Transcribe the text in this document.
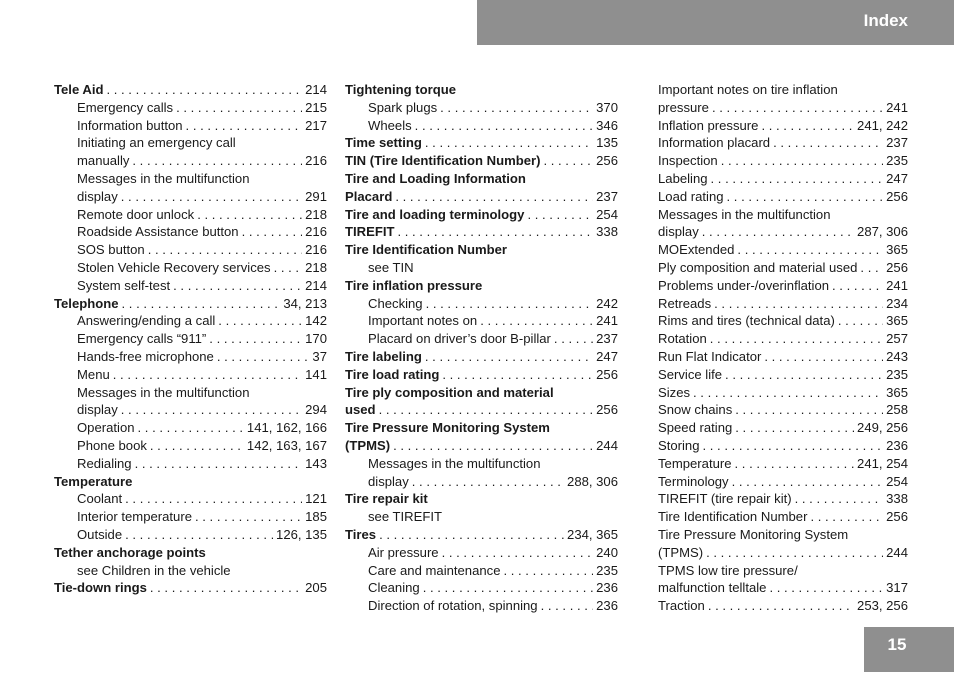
Index
Tele Aid . . .	214
Emergency calls . . .	215
Information button . . .	217
Initiating an emergency call
manually . . .	216
Messages in the multifunction
display . . .	291
Remote door unlock . . .	218
Roadside Assistance button . . .	216
SOS button . . .	216
Stolen Vehicle Recovery services . . .	218
System self-test . . .	214
Telephone . . .	34, 213
Answering/ending a call . . .	142
Emergency calls “911” . . .	170
Hands-free microphone . . .	37
Menu . . .	141
Messages in the multifunction
display . . .	294
Operation . . .	141, 162, 166
Phone book . . .	142, 163, 167
Redialing . . .	143
Temperature
Coolant . . .	121
Interior temperature . . .	185
Outside . . .	126, 135
Tether anchorage points
see Children in the vehicle
Tie-down rings . . .	205
Tightening torque
Spark plugs . . .	370
Wheels . . .	346
Time setting . . .	135
TIN (Tire Identification Number) . . .	256
Tire and Loading Information
Placard . . .	237
Tire and loading terminology . . .	254
TIREFIT . . .	338
Tire Identification Number
see TIN
Tire inflation pressure
Checking . . .	242
Important notes on . . .	241
Placard on driver’s door B-pillar . . .	237
Tire labeling . . .	247
Tire load rating . . .	256
Tire ply composition and material
used . . .	256
Tire Pressure Monitoring System
(TPMS) . . .	244
Messages in the multifunction
display . . .	288, 306
Tire repair kit
see TIREFIT
Tires . . .	234, 365
Air pressure . . .	240
Care and maintenance . . .	235
Cleaning . . .	236
Direction of rotation, spinning . . .	236
Important notes on tire inflation
pressure . . .	241
Inflation pressure . . .	241, 242
Information placard . . .	237
Inspection . . .	235
Labeling . . .	247
Load rating . . .	256
Messages in the multifunction
display . . .	287, 306
MOExtended . . .	365
Ply composition and material used . . . 256
Problems under-/overinflation . . .	241
Retreads . . .	234
Rims and tires (technical data) . . .	365
Rotation . . .	257
Run Flat Indicator . . .	243
Service life . . .	235
Sizes . . .	365
Snow chains . . .	258
Speed rating . . .	249, 256
Storing . . .	236
Temperature . . .	241, 254
Terminology . . .	254
TIREFIT (tire repair kit) . . .	338
Tire Identification Number . . .	256
Tire Pressure Monitoring System
(TPMS) . . .	244
TPMS low tire pressure/
malfunction telltale . . .	317
Traction . . .	253, 256
15
